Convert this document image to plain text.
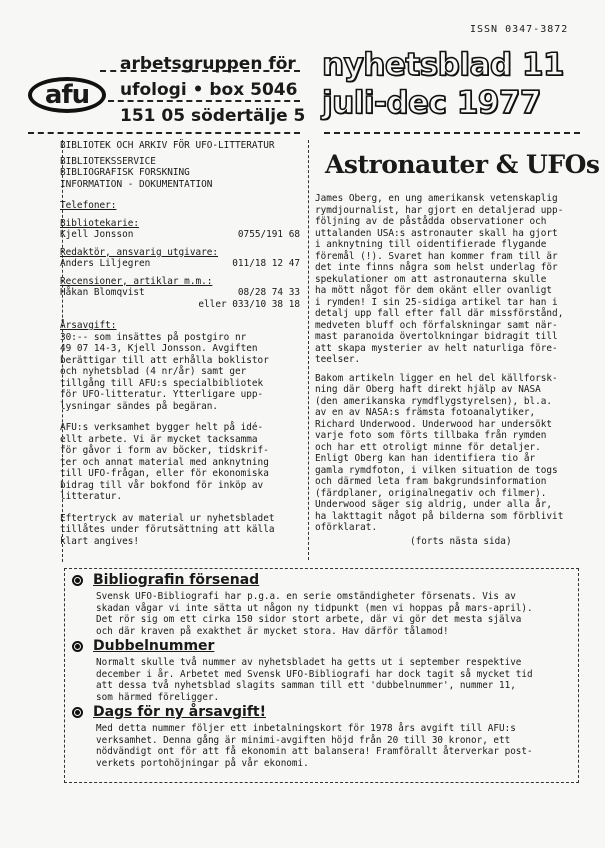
ISSN 0347-3872
afu
arbetsgruppen för
ufologi • box 5046
151 05 södertälje 5
nyhetsblad 11
juli-dec 1977

BIBLIOTEK OCH ARKIV FÖR UFO-LITTERATUR

BIBLIOTEKSSERVICE

BIBLIOGRAFISK FORSKNING

INFORMATION - DOKUMENTATION

Telefoner:

Bibliotekarie:

Kjell Jonsson	0755/191 68

Redaktör, ansvarig utgivare:

Anders Liljegren	011/18 12 47

Recensioner, artiklar m.m.:

Håkan Blomqvist	08/28 74 33

eller 033/10 38 18

Årsavgift:

30:-- som insättes på postgiro nr

49 07 14-3, Kjell Jonsson. Avgiften

berättigar till att erhålla boklistor

och nyhetsblad (4 nr/år) samt ger

tillgång till AFU:s specialbibliotek

för UFO-litteratur. Ytterligare upp-

lysningar sändes på begäran.

AFU:s verksamhet bygger helt på idé-

ellt arbete. Vi är mycket tacksamma

för gåvor i form av böcker, tidskrif-

ter och annat material med anknytning

till UFO-frågan, eller för ekonomiska

bidrag till vår bokfond för inköp av

litteratur.

Eftertryck av material ur nyhetsbladet

tillåtes under förutsättning att källa

klart angives!

Astronauter & UFOs

James Oberg, en ung amerikansk vetenskaplig

rymdjournalist, har gjort en detaljerad upp-

följning av de påstådda observationer och

uttalanden USA:s astronauter skall ha gjort

i anknytning till oidentifierade flygande

föremål (!). Svaret han kommer fram till är

det inte finns några som helst underlag för

spekulationer om att astronauterna skulle

ha mött något för dem okänt eller ovanligt

i rymden! I sin 25-sidiga artikel tar han i

detalj upp fall efter fall där missförstånd,

medveten bluff och förfalskningar samt när-

mast paranoida övertolkningar bidragit till

att skapa mysterier av helt naturliga före-

teelser.

Bakom artikeln ligger en hel del källforsk-

ning där Oberg haft direkt hjälp av NASA

(den amerikanska rymdflygstyrelsen), bl.a.

av en av NASA:s främsta fotoanalytiker,

Richard Underwood. Underwood har undersökt

varje foto som förts tillbaka från rymden

och har ett otroligt minne för detaljer.

Enligt Oberg kan han identifiera tio år

gamla rymdfoton, i vilken situation de togs

och därmed leta fram bakgrundsinformation

(färdplaner, originalnegativ och filmer).

Underwood säger sig aldrig, under alla år,

ha lakttagit något på bilderna som förblivit

oförklarat.

(forts nästa sida)

Bibliografin försenad

Svensk UFO-Bibliografi har p.g.a. en serie omständigheter försenats. Vis av

skadan vågar vi inte sätta ut någon ny tidpunkt (men vi hoppas på mars-april).

Det rör sig om ett cirka 150 sidor stort arbete, där vi gör det mesta själva

och där kraven på exakthet är mycket stora. Hav därför tålamod!

Dubbelnummer

Normalt skulle två nummer av nyhetsbladet ha getts ut i september respektive

december i år. Arbetet med Svensk UFO-Bibliografi har dock tagit så mycket tid

att dessa två nyhetsblad slagits samman till ett 'dubbelnummer', nummer 11,

som härmed föreligger.

Dags för ny årsavgift!

Med detta nummer följer ett inbetalningskort för 1978 års avgift till AFU:s

verksamhet. Denna gång är minimi-avgiften höjd från 20 till 30 kronor, ett

nödvändigt ont för att få ekonomin att balansera! Framförallt återverkar post-

verkets portohöjningar på vår ekonomi.
